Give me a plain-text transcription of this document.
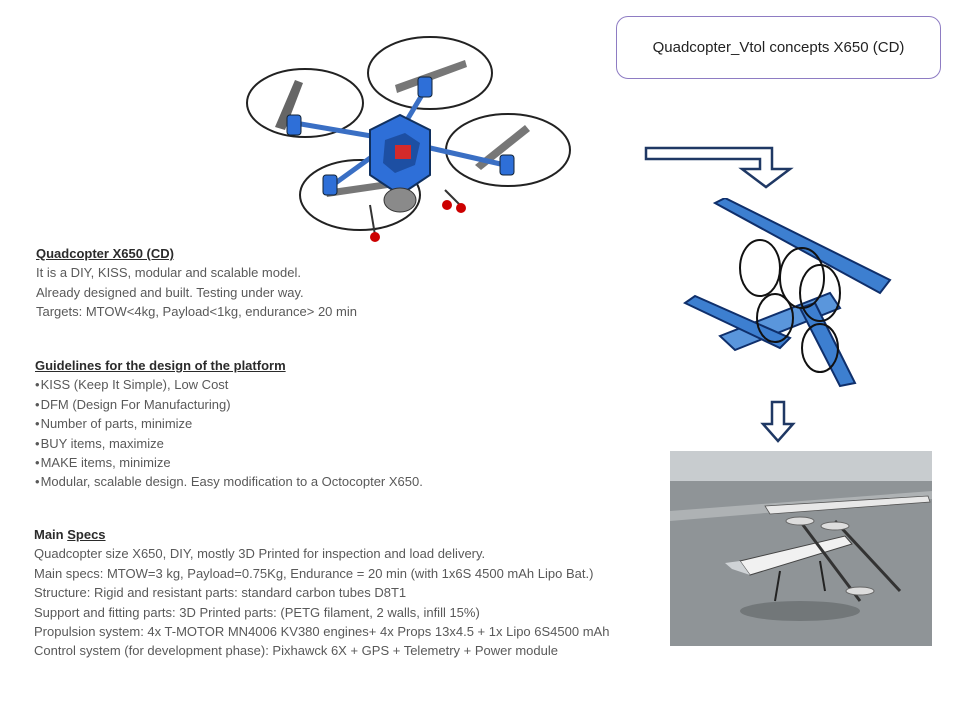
Quadcopter_Vtol concepts X650 (CD)
Quadcopter X650 (CD)
It is a DIY, KISS, modular and scalable model.
Already designed and built. Testing under way.
Targets: MTOW<4kg, Payload<1kg, endurance> 20 min
Guidelines for the design of the platform
• KISS (Keep It Simple), Low Cost
• DFM (Design For Manufacturing)
• Number of parts, minimize
• BUY items, maximize
• MAKE items, minimize
• Modular, scalable design. Easy modification to a Octocopter X650.
Main Specs
Quadcopter size X650, DIY, mostly 3D Printed for inspection and load delivery.
Main specs: MTOW=3 kg, Payload=0.75Kg, Endurance = 20 min (with 1x6S 4500 mAh Lipo Bat.)
Structure: Rigid and resistant parts: standard carbon tubes D8T1
Support and fitting parts: 3D Printed parts: (PETG filament, 2 walls, infill 15%)
Propulsion system: 4x T-MOTOR MN4006 KV380 engines+ 4x Props 13x4.5 + 1x Lipo 6S4500 mAh
Control system (for development phase): Pixhawck 6X + GPS + Telemetry + Power module
